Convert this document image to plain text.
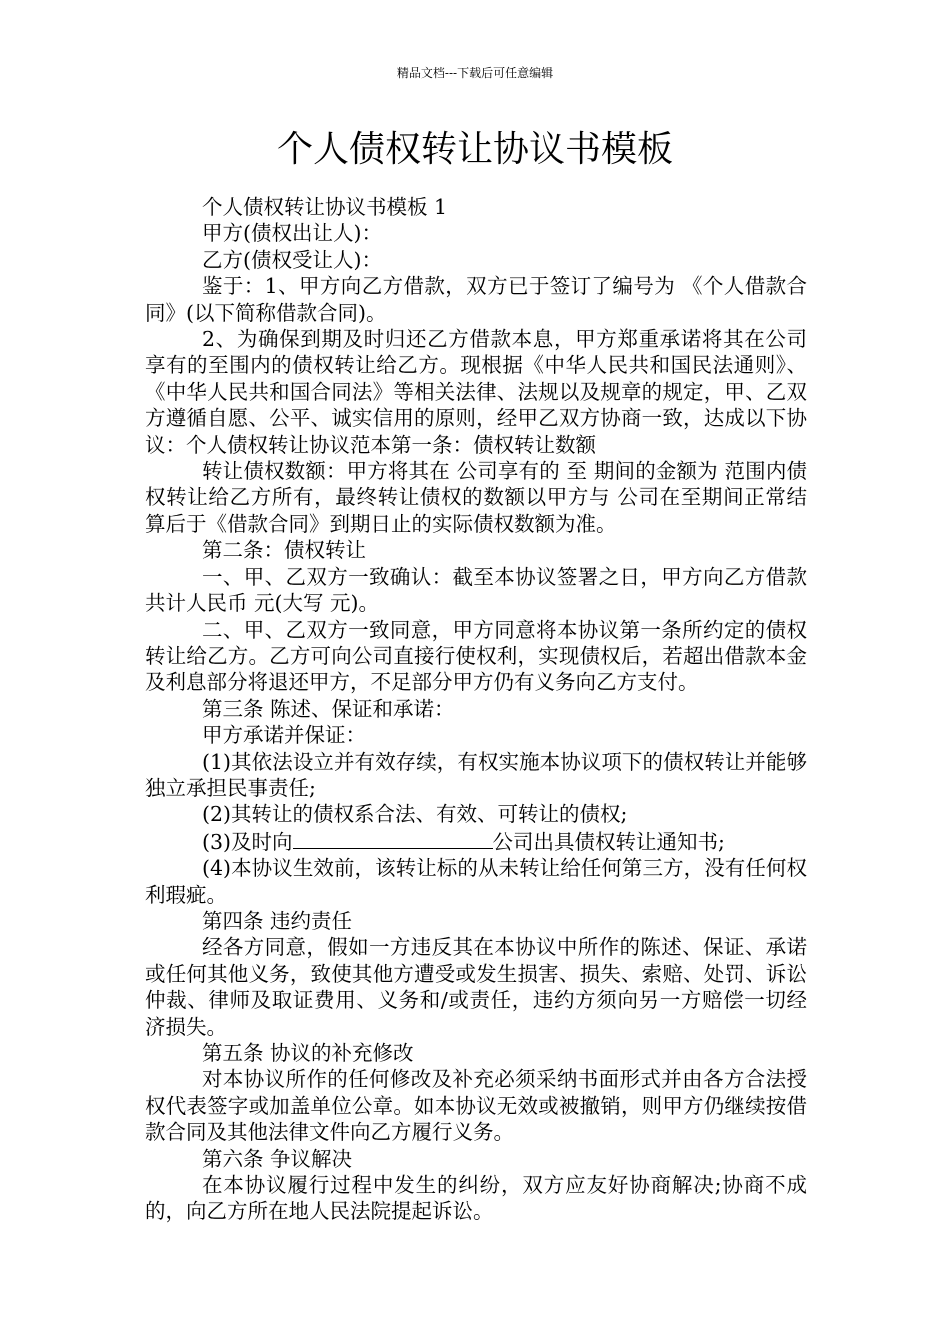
精品文档---下载后可任意编辑
个人债权转让协议书模板

个人债权转让协议书模板 1

甲方(债权出让人)：

乙方(债权受让人)：

鉴于：1、甲方向乙方借款，双方已于签订了编号为 《个人借款合同》(以下简称借款合同)。

2、为确保到期及时归还乙方借款本息，甲方郑重承诺将其在公司享有的至围内的债权转让给乙方。现根据《中华人民共和国民法通则》、《中华人民共和国合同法》等相关法律、法规以及规章的规定，甲、乙双方遵循自愿、公平、诚实信用的原则，经甲乙双方协商一致，达成以下协议：个人债权转让协议范本第一条：债权转让数额

转让债权数额：甲方将其在 公司享有的 至 期间的金额为 范围内债权转让给乙方所有，最终转让债权的数额以甲方与 公司在至期间正常结算后于《借款合同》到期日止的实际债权数额为准。

第二条：债权转让

一、甲、乙双方一致确认：截至本协议签署之日，甲方向乙方借款共计人民币 元(大写 元)。

二、甲、乙双方一致同意，甲方同意将本协议第一条所约定的债权转让给乙方。乙方可向公司直接行使权利，实现债权后，若超出借款本金及利息部分将退还甲方，不足部分甲方仍有义务向乙方支付。

第三条 陈述、保证和承诺：

甲方承诺并保证：

(1)其依法设立并有效存续，有权实施本协议项下的债权转让并能够独立承担民事责任;

(2)其转让的债权系合法、有效、可转让的债权;

(3)及时向	公司出具债权转让通知书;

(4)本协议生效前，该转让标的从未转让给任何第三方，没有任何权利瑕疵。

第四条 违约责任

经各方同意，假如一方违反其在本协议中所作的陈述、保证、承诺或任何其他义务，致使其他方遭受或发生损害、损失、索赔、处罚、诉讼仲裁、律师及取证费用、义务和/或责任，违约方须向另一方赔偿一切经济损失。

第五条 协议的补充修改

对本协议所作的任何修改及补充必须采纳书面形式并由各方合法授权代表签字或加盖单位公章。如本协议无效或被撤销，则甲方仍继续按借款合同及其他法律文件向乙方履行义务。

第六条 争议解决

在本协议履行过程中发生的纠纷，双方应友好协商解决;协商不成的，向乙方所在地人民法院提起诉讼。
